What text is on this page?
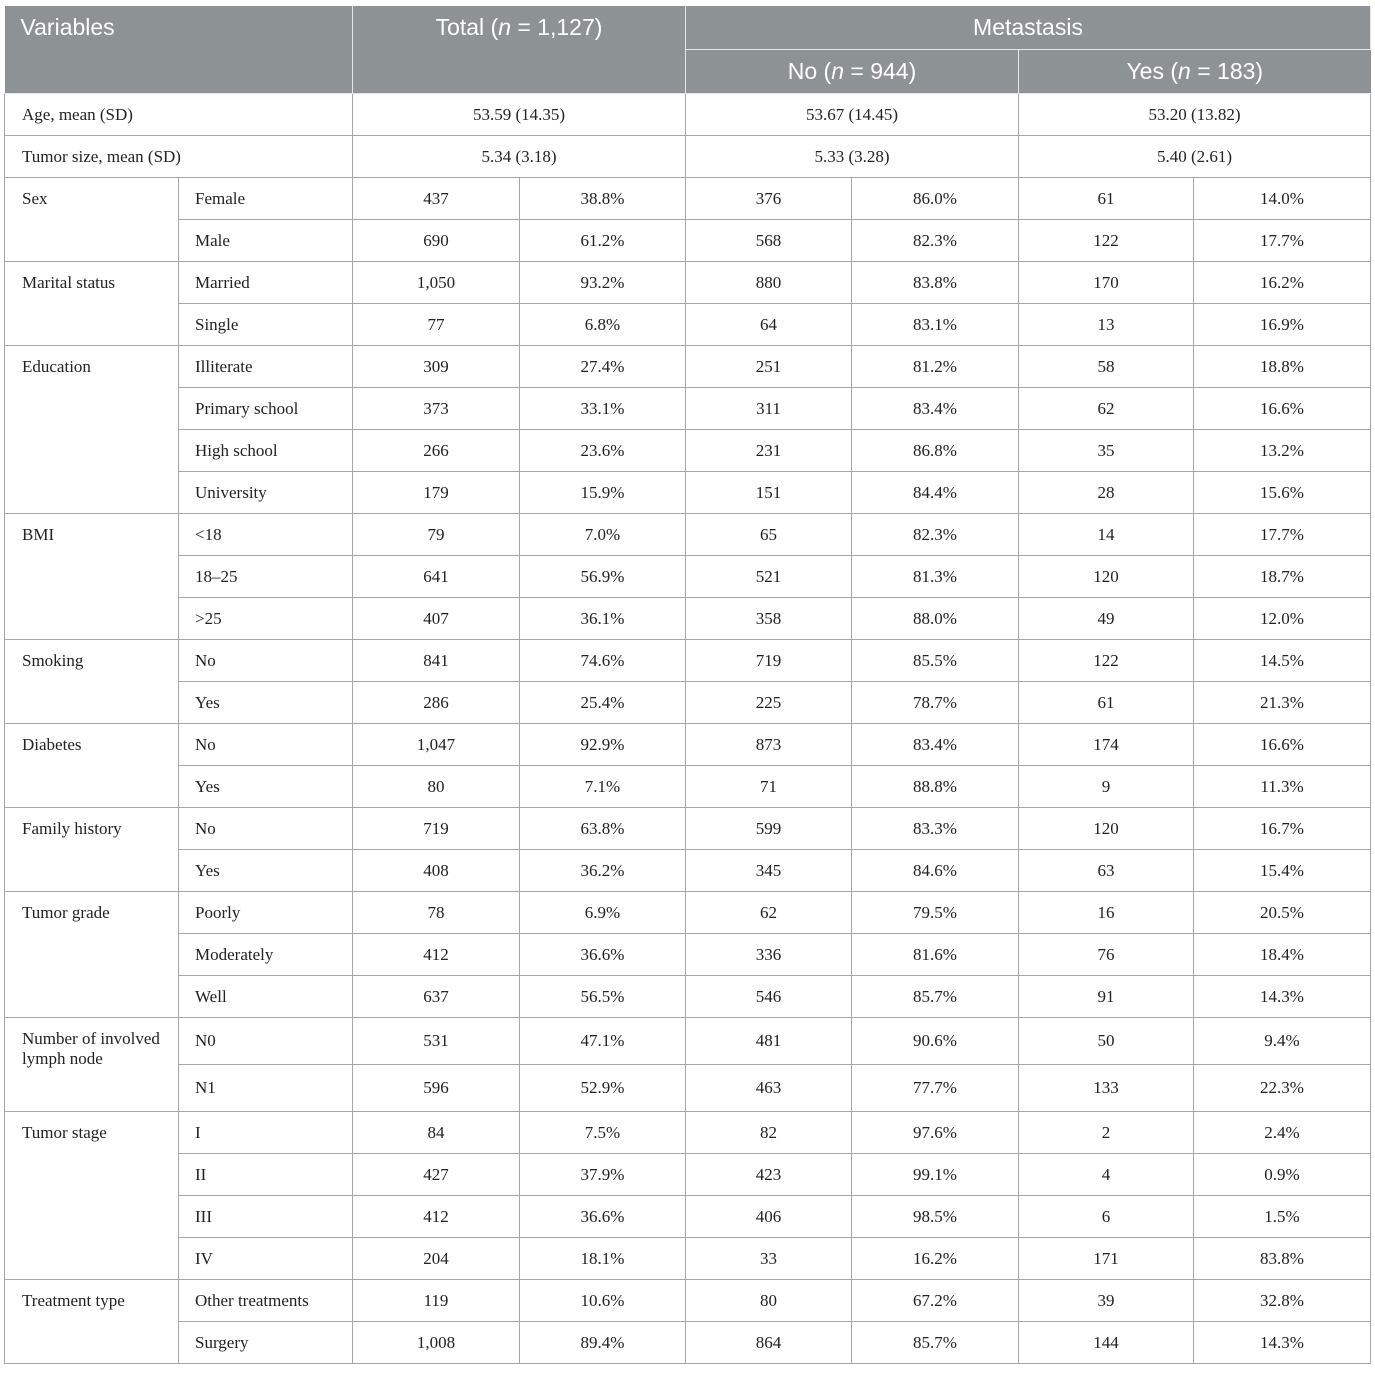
Variables		Total (n = 1,127)		Metastasis			
				No (n = 944)		Yes (n = 183)	
Age, mean (SD)		53.59 (14.35)		53.67 (14.45)		53.20 (13.82)	
Tumor size, mean (SD)		5.34 (3.18)		5.33 (3.28)		5.40 (2.61)	
Sex	Female	437	38.8%	376	86.0%	61	14.0%
	Male	690	61.2%	568	82.3%	122	17.7%
Marital status	Married	1,050	93.2%	880	83.8%	170	16.2%
	Single	77	6.8%	64	83.1%	13	16.9%
Education	Illiterate	309	27.4%	251	81.2%	58	18.8%
	Primary school	373	33.1%	311	83.4%	62	16.6%
	High school	266	23.6%	231	86.8%	35	13.2%
	University	179	15.9%	151	84.4%	28	15.6%
BMI	<18	79	7.0%	65	82.3%	14	17.7%
	18–25	641	56.9%	521	81.3%	120	18.7%
	>25	407	36.1%	358	88.0%	49	12.0%
Smoking	No	841	74.6%	719	85.5%	122	14.5%
	Yes	286	25.4%	225	78.7%	61	21.3%
Diabetes	No	1,047	92.9%	873	83.4%	174	16.6%
	Yes	80	7.1%	71	88.8%	9	11.3%
Family history	No	719	63.8%	599	83.3%	120	16.7%
	Yes	408	36.2%	345	84.6%	63	15.4%
Tumor grade	Poorly	78	6.9%	62	79.5%	16	20.5%
	Moderately	412	36.6%	336	81.6%	76	18.4%
	Well	637	56.5%	546	85.7%	91	14.3%
Number of involved lymph node	N0	531	47.1%	481	90.6%	50	9.4%
	N1	596	52.9%	463	77.7%	133	22.3%
Tumor stage	I	84	7.5%	82	97.6%	2	2.4%
	II	427	37.9%	423	99.1%	4	0.9%
	III	412	36.6%	406	98.5%	6	1.5%
	IV	204	18.1%	33	16.2%	171	83.8%
Treatment type	Other treatments	119	10.6%	80	67.2%	39	32.8%
	Surgery	1,008	89.4%	864	85.7%	144	14.3%
